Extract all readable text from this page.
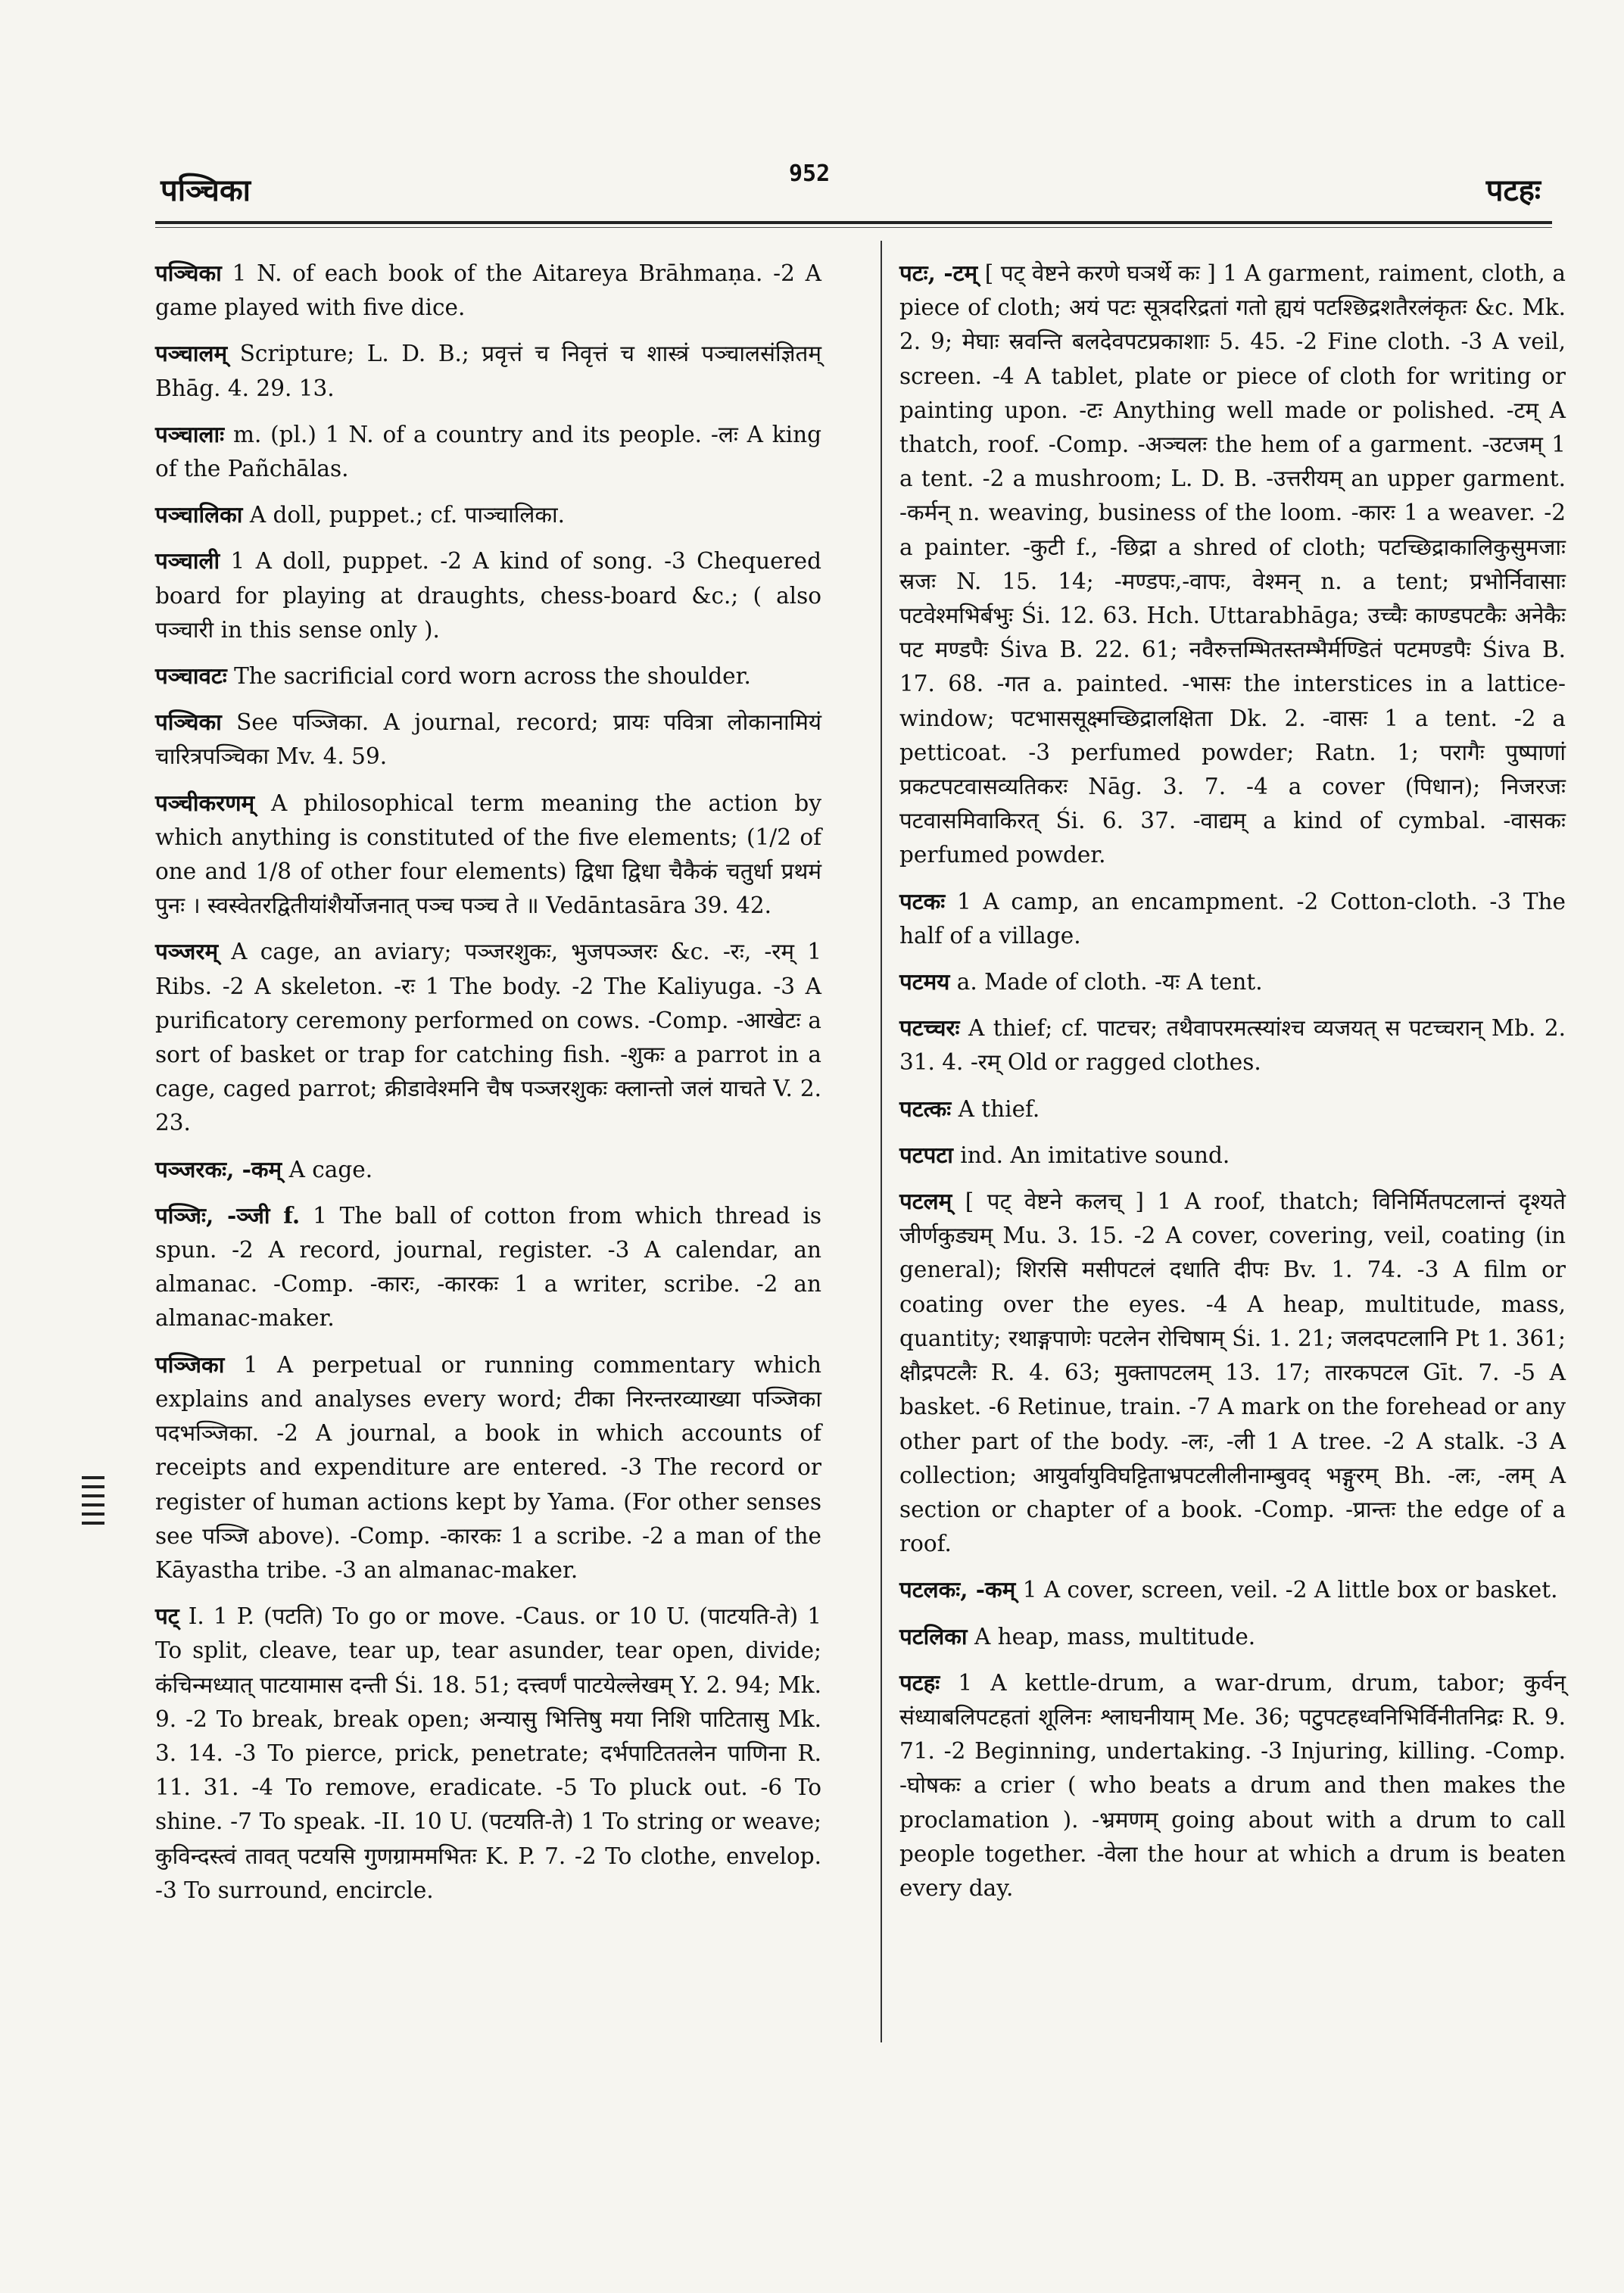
पञ्चिका	952	पटहः

पञ्चिका 1 N. of each book of the Aitareya Brāhmaṇa. -2 A game played with five dice.

पञ्चालम् Scripture; L. D. B.; प्रवृत्तं च निवृत्तं च शास्त्रं पञ्चालसंज्ञितम् Bhāg. 4. 29. 13.

पञ्चालाः m. (pl.) 1 N. of a country and its people. -लः A king of the Pañchālas.

पञ्चालिका A doll, puppet.; cf. पाञ्चालिका.

पञ्चाली 1 A doll, puppet. -2 A kind of song. -3 Chequered board for playing at draughts, chess-board &c.; ( also पञ्चारी in this sense only ).

पञ्चावटः The sacrificial cord worn across the shoulder.

पञ्चिका See पञ्जिका. A journal, record; प्रायः पवित्रा लोकानामियं चारित्रपञ्चिका Mv. 4. 59.

पञ्चीकरणम् A philosophical term meaning the action by which anything is constituted of the five elements; (1/2 of one and 1/8 of other four elements) द्विधा द्विधा चैकैकं चतुर्धा प्रथमं पुनः । स्वस्वेतरद्वितीयांशैर्योजनात् पञ्च पञ्च ते ॥ Vedāntasāra 39. 42.

पञ्जरम् A cage, an aviary; पञ्जरशुकः, भुजपञ्जरः &c. -रः, -रम् 1 Ribs. -2 A skeleton. -रः 1 The body. -2 The Kaliyuga. -3 A purificatory ceremony performed on cows. -Comp. -आखेटः a sort of basket or trap for catching fish. -शुकः a parrot in a cage, caged parrot; क्रीडावेश्मनि चैष पञ्जरशुकः क्लान्तो जलं याचते V. 2. 23.

पञ्जरकः, -कम् A cage.

पञ्जिः, -ञ्जी f. 1 The ball of cotton from which thread is spun. -2 A record, journal, register. -3 A calendar, an almanac. -Comp. -कारः, -कारकः 1 a writer, scribe. -2 an almanac-maker.

पञ्जिका 1 A perpetual or running commentary which explains and analyses every word; टीका निरन्तरव्याख्या पञ्जिका पदभञ्जिका. -2 A journal, a book in which accounts of receipts and expenditure are entered. -3 The record or register of human actions kept by Yama. (For other senses see पञ्जि above). -Comp. -कारकः 1 a scribe. -2 a man of the Kāyastha tribe. -3 an almanac-maker.

पट् I. 1 P. (पटति) To go or move. -Caus. or 10 U. (पाटयति-ते) 1 To split, cleave, tear up, tear asunder, tear open, divide; कंचिन्मध्यात् पाटयामास दन्ती Śi. 18. 51; दत्त्वर्णं पाटयेल्लेखम् Y. 2. 94; Mk. 9. -2 To break, break open; अन्यासु भित्तिषु मया निशि पाटितासु Mk. 3. 14. -3 To pierce, prick, penetrate; दर्भपाटिततलेन पाणिना R. 11. 31. -4 To remove, eradicate. -5 To pluck out. -6 To shine. -7 To speak. -II. 10 U. (पटयति-ते) 1 To string or weave; कुविन्दस्त्वं तावत् पटयसि गुणग्राममभितः K. P. 7. -2 To clothe, envelop. -3 To surround, encircle.

पटः, -टम् [ पट् वेष्टने करणे घञर्थे कः ] 1 A garment, raiment, cloth, a piece of cloth; अयं पटः सूत्रदरिद्रतां गतो ह्ययं पटश्छिद्रशतैरलंकृतः &c. Mk. 2. 9; मेघाः स्रवन्ति बलदेवपटप्रकाशाः 5. 45. -2 Fine cloth. -3 A veil, screen. -4 A tablet, plate or piece of cloth for writing or painting upon. -टः Anything well made or polished. -टम् A thatch, roof. -Comp. -अञ्चलः the hem of a garment. -उटजम् 1 a tent. -2 a mushroom; L. D. B. -उत्तरीयम् an upper garment. -कर्मन् n. weaving, business of the loom. -कारः 1 a weaver. -2 a painter. -कुटी f., -छिद्रा a shred of cloth; पटच्छिद्राकालिकुसुमजाः स्रजः N. 15. 14; -मण्डपः,-वापः, वेश्मन् n. a tent; प्रभोर्निवासाः पटवेश्मभिर्बभुः Śi. 12. 63. Hch. Uttarabhāga; उच्चैः काण्डपटकैः अनेकैः पट मण्डपैः Śiva B. 22. 61; नवैरुत्तम्भितस्तम्भैर्मण्डितं पटमण्डपैः Śiva B. 17. 68. -गत a. painted. -भासः the interstices in a lattice-window; पटभाससूक्ष्मच्छिद्रालक्षिता Dk. 2. -वासः 1 a tent. -2 a petticoat. -3 perfumed powder; Ratn. 1; परागैः पुष्पाणां प्रकटपटवासव्यतिकरः Nāg. 3. 7. -4 a cover (पिधान); निजरजः पटवासमिवाकिरत् Śi. 6. 37. -वाद्यम् a kind of cymbal. -वासकः perfumed powder.

पटकः 1 A camp, an encampment. -2 Cotton-cloth. -3 The half of a village.

पटमय a. Made of cloth. -यः A tent.

पटच्चरः A thief; cf. पाटचर; तथैवापरमत्स्यांश्च व्यजयत् स पटच्चरान् Mb. 2. 31. 4. -रम् Old or ragged clothes.

पटत्कः A thief.

पटपटा ind. An imitative sound.

पटलम् [ पट् वेष्टने कलच् ] 1 A roof, thatch; विनिर्मितपटलान्तं दृश्यते जीर्णकुड्यम् Mu. 3. 15. -2 A cover, covering, veil, coating (in general); शिरसि मसीपटलं दधाति दीपः Bv. 1. 74. -3 A film or coating over the eyes. -4 A heap, multitude, mass, quantity; रथाङ्गपाणेः पटलेन रोचिषाम् Śi. 1. 21; जलदपटलानि Pt 1. 361; क्षौद्रपटलैः R. 4. 63; मुक्तापटलम् 13. 17; तारकपटल Gīt. 7. -5 A basket. -6 Retinue, train. -7 A mark on the forehead or any other part of the body. -लः, -ली 1 A tree. -2 A stalk. -3 A collection; आयुर्वायुविघट्टिताभ्रपटलीलीनाम्बुवद् भङ्गुरम् Bh. -लः, -लम् A section or chapter of a book. -Comp. -प्रान्तः the edge of a roof.

पटलकः, -कम् 1 A cover, screen, veil. -2 A little box or basket.

पटलिका A heap, mass, multitude.

पटहः 1 A kettle-drum, a war-drum, drum, tabor; कुर्वन् संध्याबलिपटहतां शूलिनः श्लाघनीयाम् Me. 36; पटुपटहध्वनिभिर्विनीतनिद्रः R. 9. 71. -2 Beginning, undertaking. -3 Injuring, killing. -Comp. -घोषकः a crier ( who beats a drum and then makes the proclamation ). -भ्रमणम् going about with a drum to call people together. -वेला the hour at which a drum is beaten every day.
